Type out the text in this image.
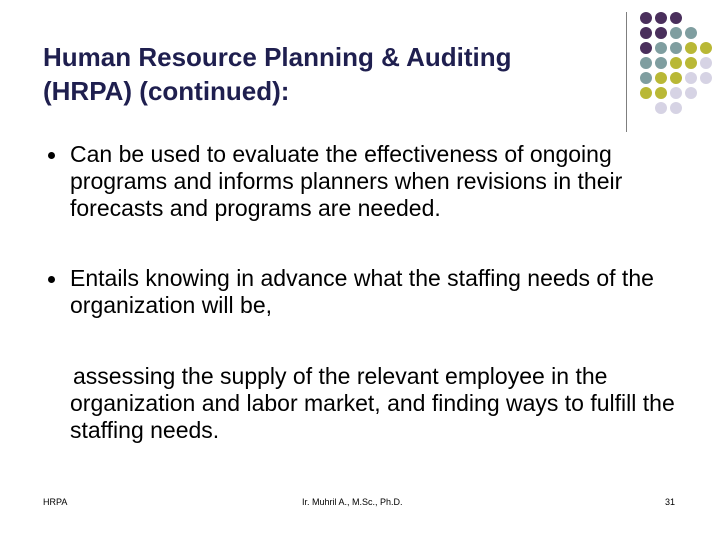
Human Resource Planning & Auditing
(HRPA) (continued):
Can be used to evaluate the effectiveness of ongoing programs and informs planners when revisions in their forecasts and programs are needed.
Entails knowing in advance what the staffing needs of the organization will be,
assessing the supply of the relevant employee in the organization and labor market, and finding ways to fulfill the staffing needs.
HRPA	Ir. Muhril A., M.Sc., Ph.D.	31
